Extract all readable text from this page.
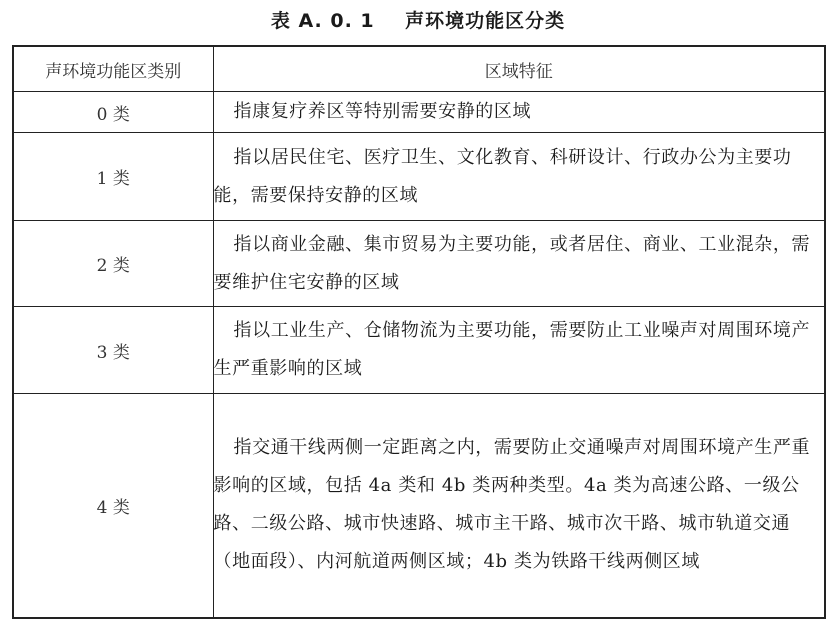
表 A. 0. 1    声环境功能区分类
声环境功能区类别	区域特征
0 类	指康复疗养区等特别需要安静的区域
1 类	指以居民住宅、医疗卫生、文化教育、科研设计、行政办公为主要功能，需要保持安静的区域
2 类	指以商业金融、集市贸易为主要功能，或者居住、商业、工业混杂，需要维护住宅安静的区域
3 类	指以工业生产、仓储物流为主要功能，需要防止工业噪声对周围环境产生严重影响的区域
4 类	指交通干线两侧一定距离之内，需要防止交通噪声对周围环境产生严重影响的区域，包括 4a 类和 4b 类两种类型。4a 类为高速公路、一级公路、二级公路、城市快速路、城市主干路、城市次干路、城市轨道交通（地面段）、内河航道两侧区域；4b 类为铁路干线两侧区域
